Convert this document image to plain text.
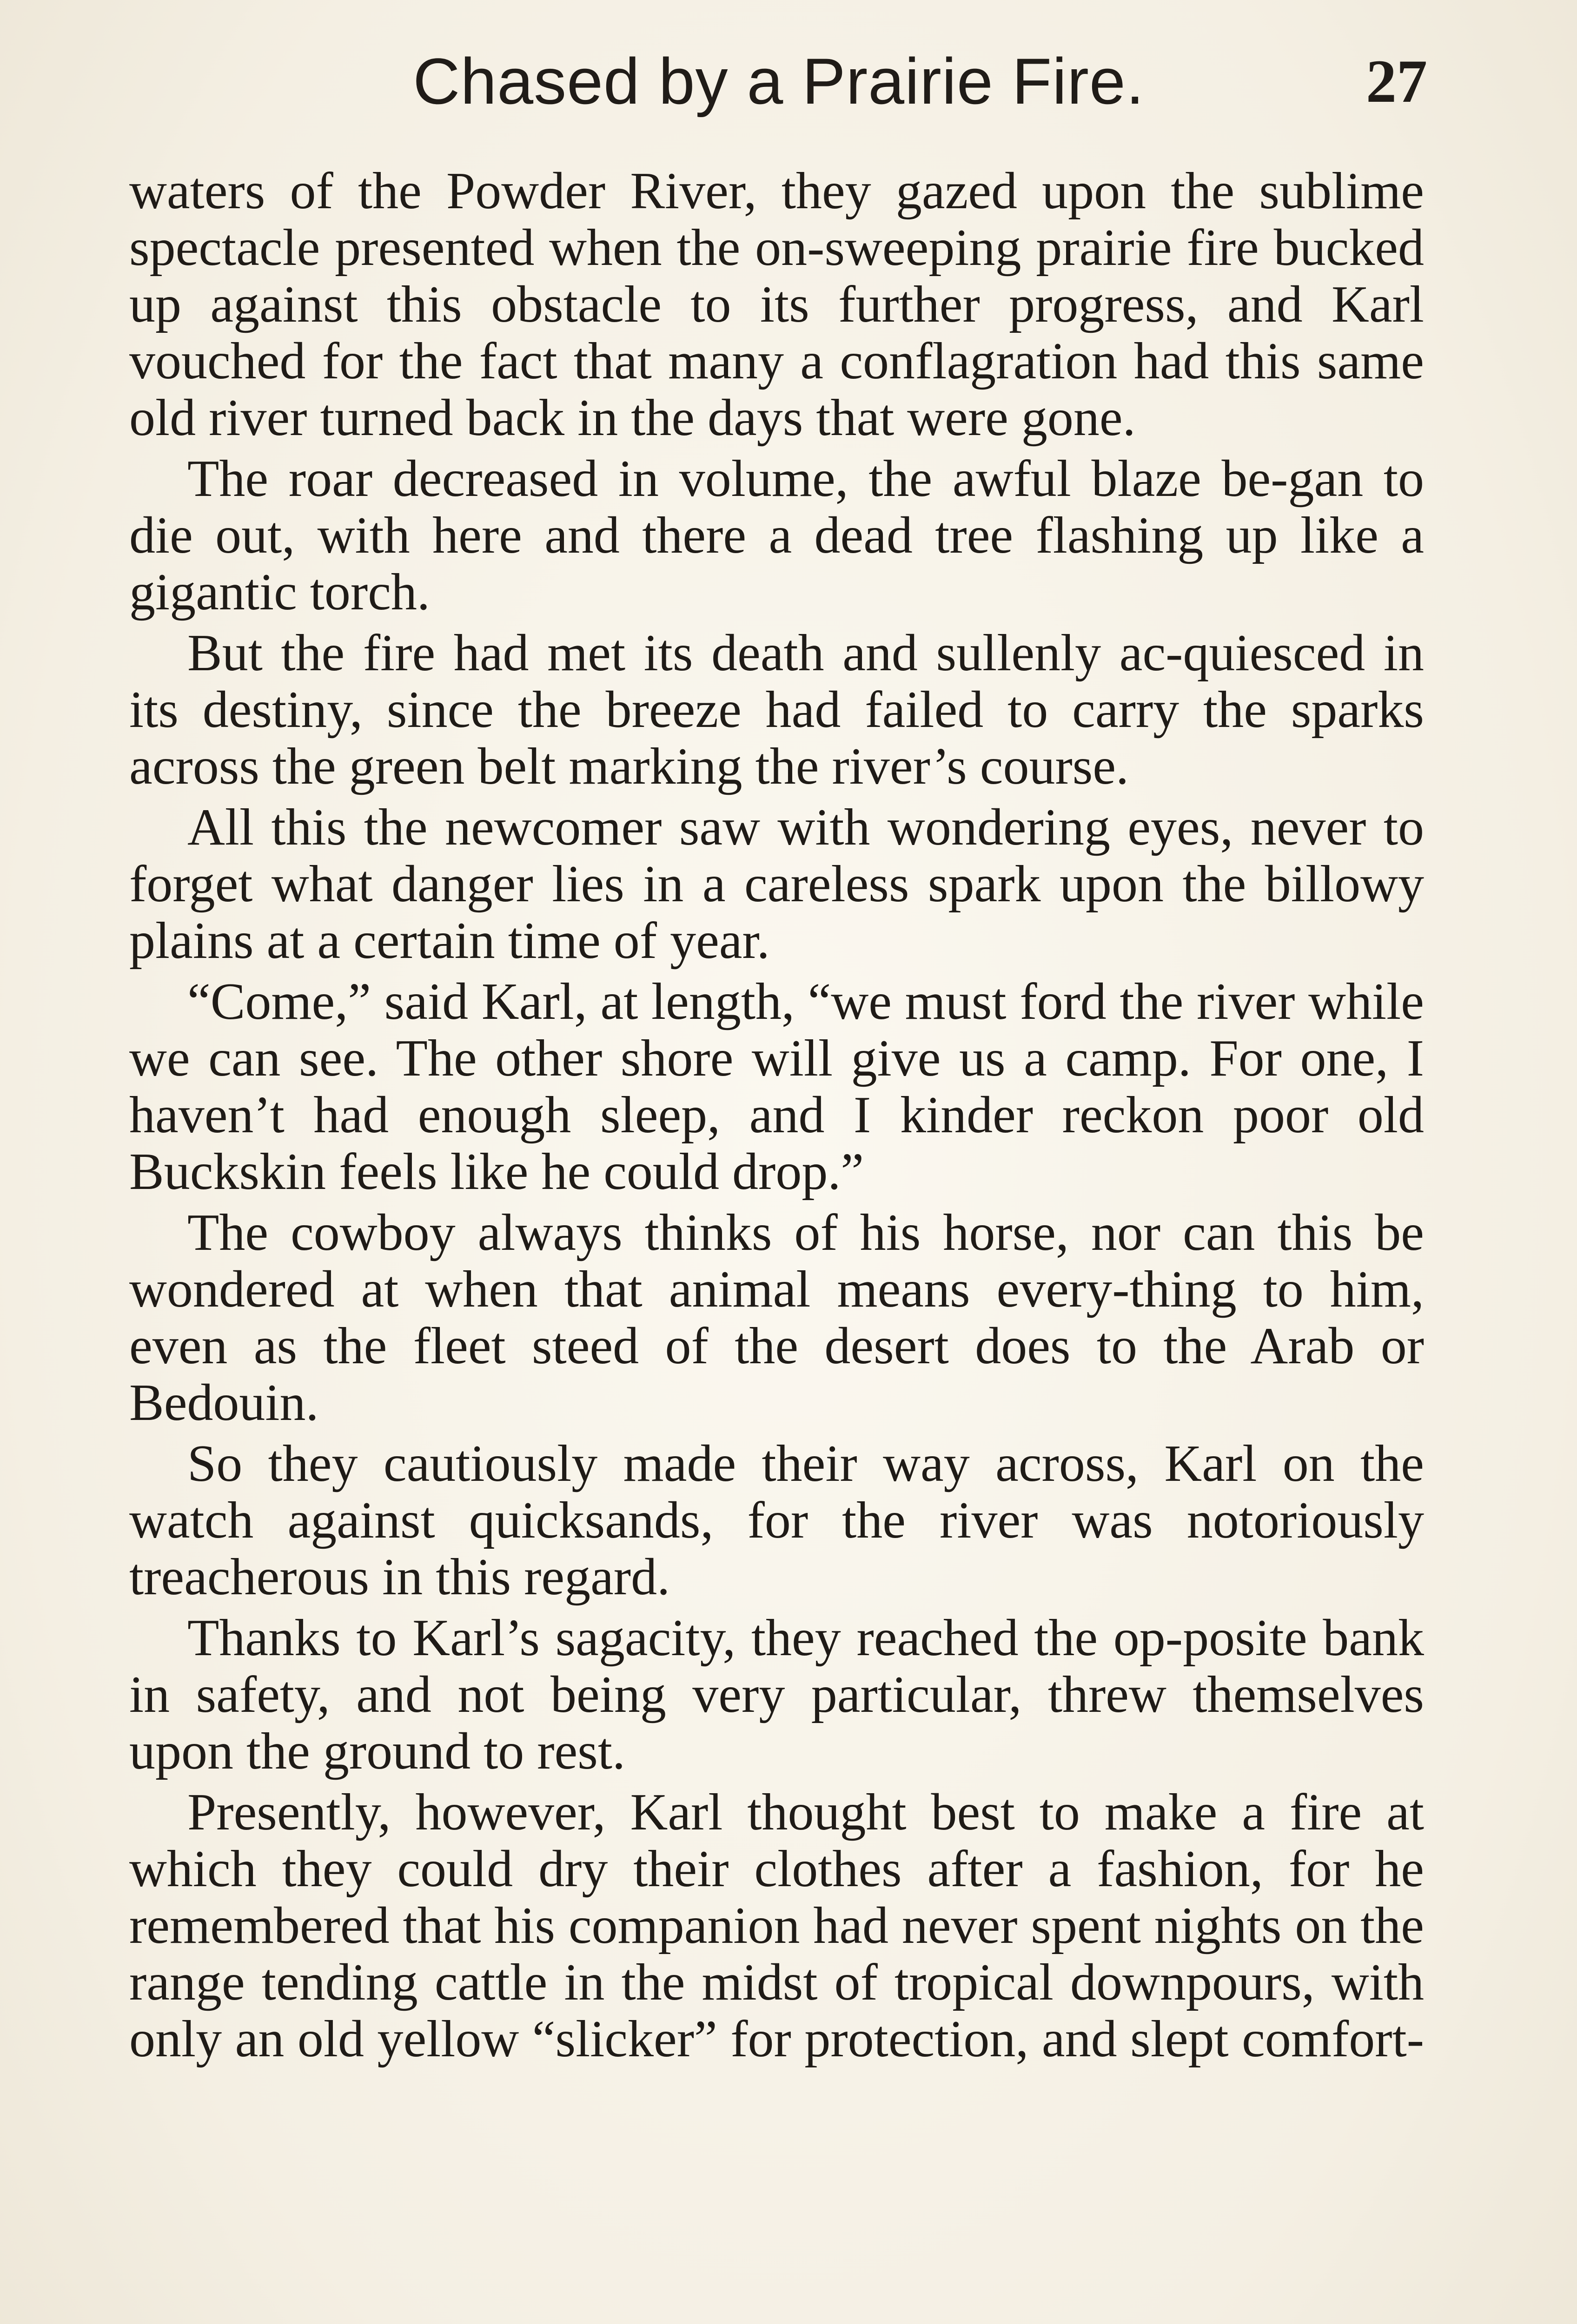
Chased by a Prairie Fire.	27

waters of the Powder River, they gazed upon the sublime spectacle presented when the on-sweeping prairie fire bucked up against this obstacle to its further progress, and Karl vouched for the fact that many a conflagration had this same old river turned back in the days that were gone.

The roar decreased in volume, the awful blaze be-gan to die out, with here and there a dead tree flashing up like a gigantic torch.

But the fire had met its death and sullenly ac-quiesced in its destiny, since the breeze had failed to carry the sparks across the green belt marking the river’s course.

All this the newcomer saw with wondering eyes, never to forget what danger lies in a careless spark upon the billowy plains at a certain time of year.

“Come,” said Karl, at length, “we must ford the river while we can see. The other shore will give us a camp. For one, I haven’t had enough sleep, and I kinder reckon poor old Buckskin feels like he could drop.”

The cowboy always thinks of his horse, nor can this be wondered at when that animal means every-thing to him, even as the fleet steed of the desert does to the Arab or Bedouin.

So they cautiously made their way across, Karl on the watch against quicksands, for the river was notoriously treacherous in this regard.

Thanks to Karl’s sagacity, they reached the op-posite bank in safety, and not being very particular, threw themselves upon the ground to rest.

Presently, however, Karl thought best to make a fire at which they could dry their clothes after a fashion, for he remembered that his companion had never spent nights on the range tending cattle in the midst of tropical downpours, with only an old yellow “slicker” for protection, and slept comfort-
